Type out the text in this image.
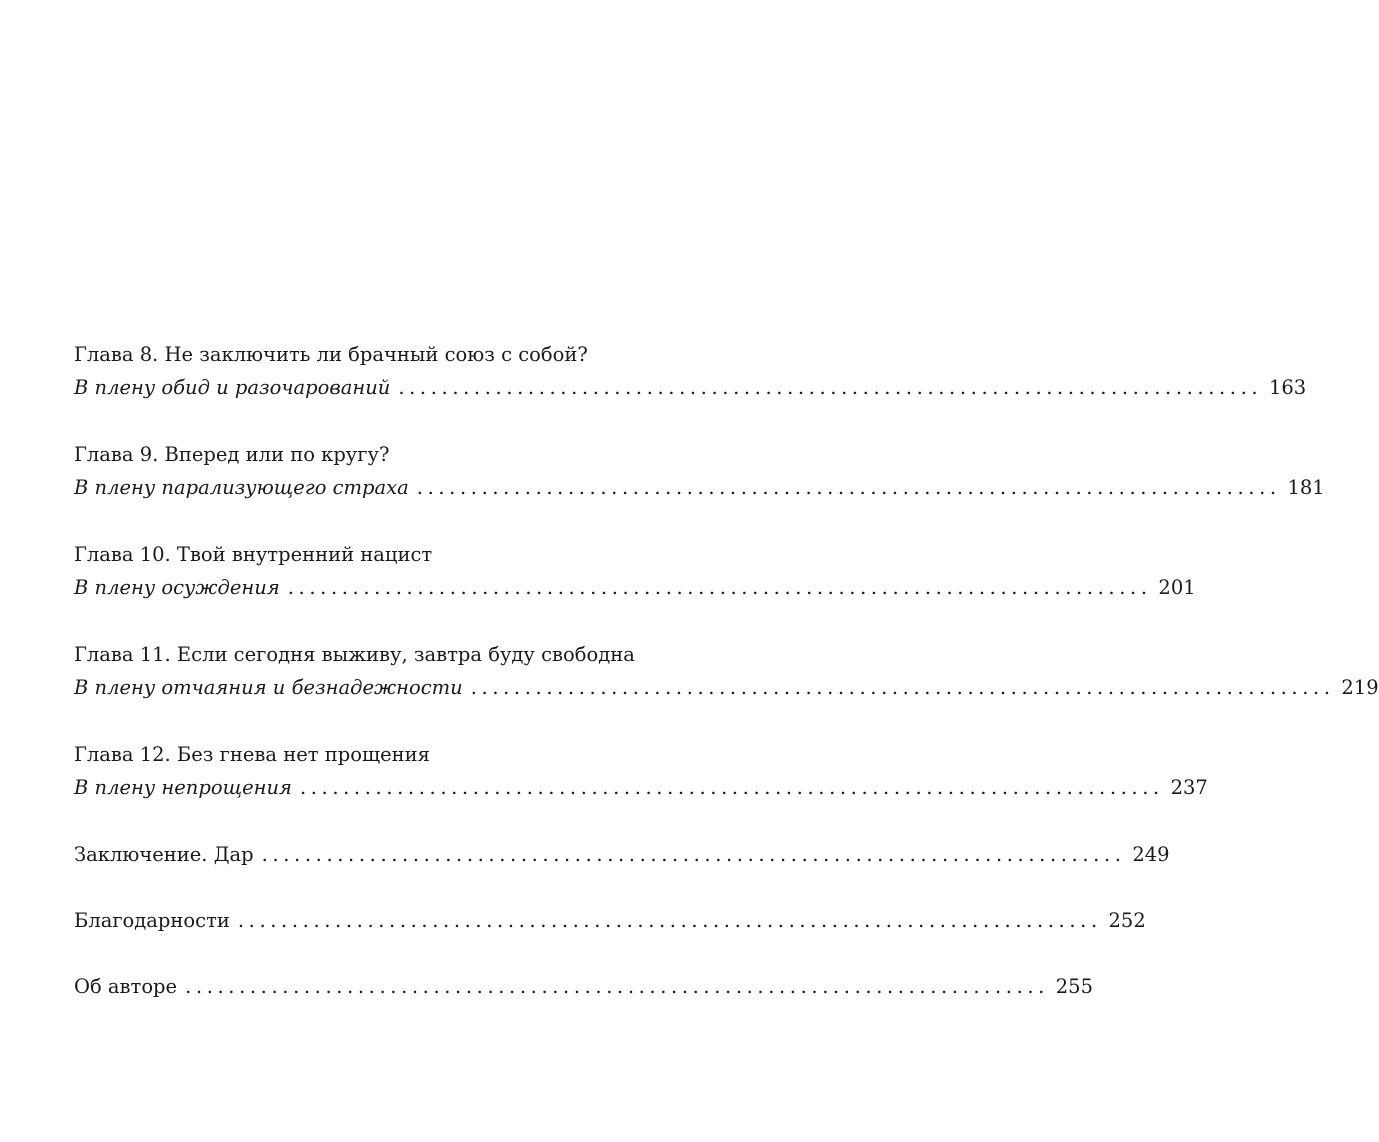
Глава 8. Не заключить ли брачный союз с собой?
В плену обид и разочарований ................................................................................ 163
Глава 9. Вперед или по кругу?
В плену парализующего страха ................................................................................ 181
Глава 10. Твой внутренний нацист
В плену осуждения ................................................................................ 201
Глава 11. Если сегодня выживу, завтра буду свободна
В плену отчаяния и безнадежности ................................................................................ 219
Глава 12. Без гнева нет прощения
В плену непрощения ................................................................................ 237
Заключение. Дар ................................................................................ 249
Благодарности ................................................................................ 252
Об авторе ................................................................................ 255
